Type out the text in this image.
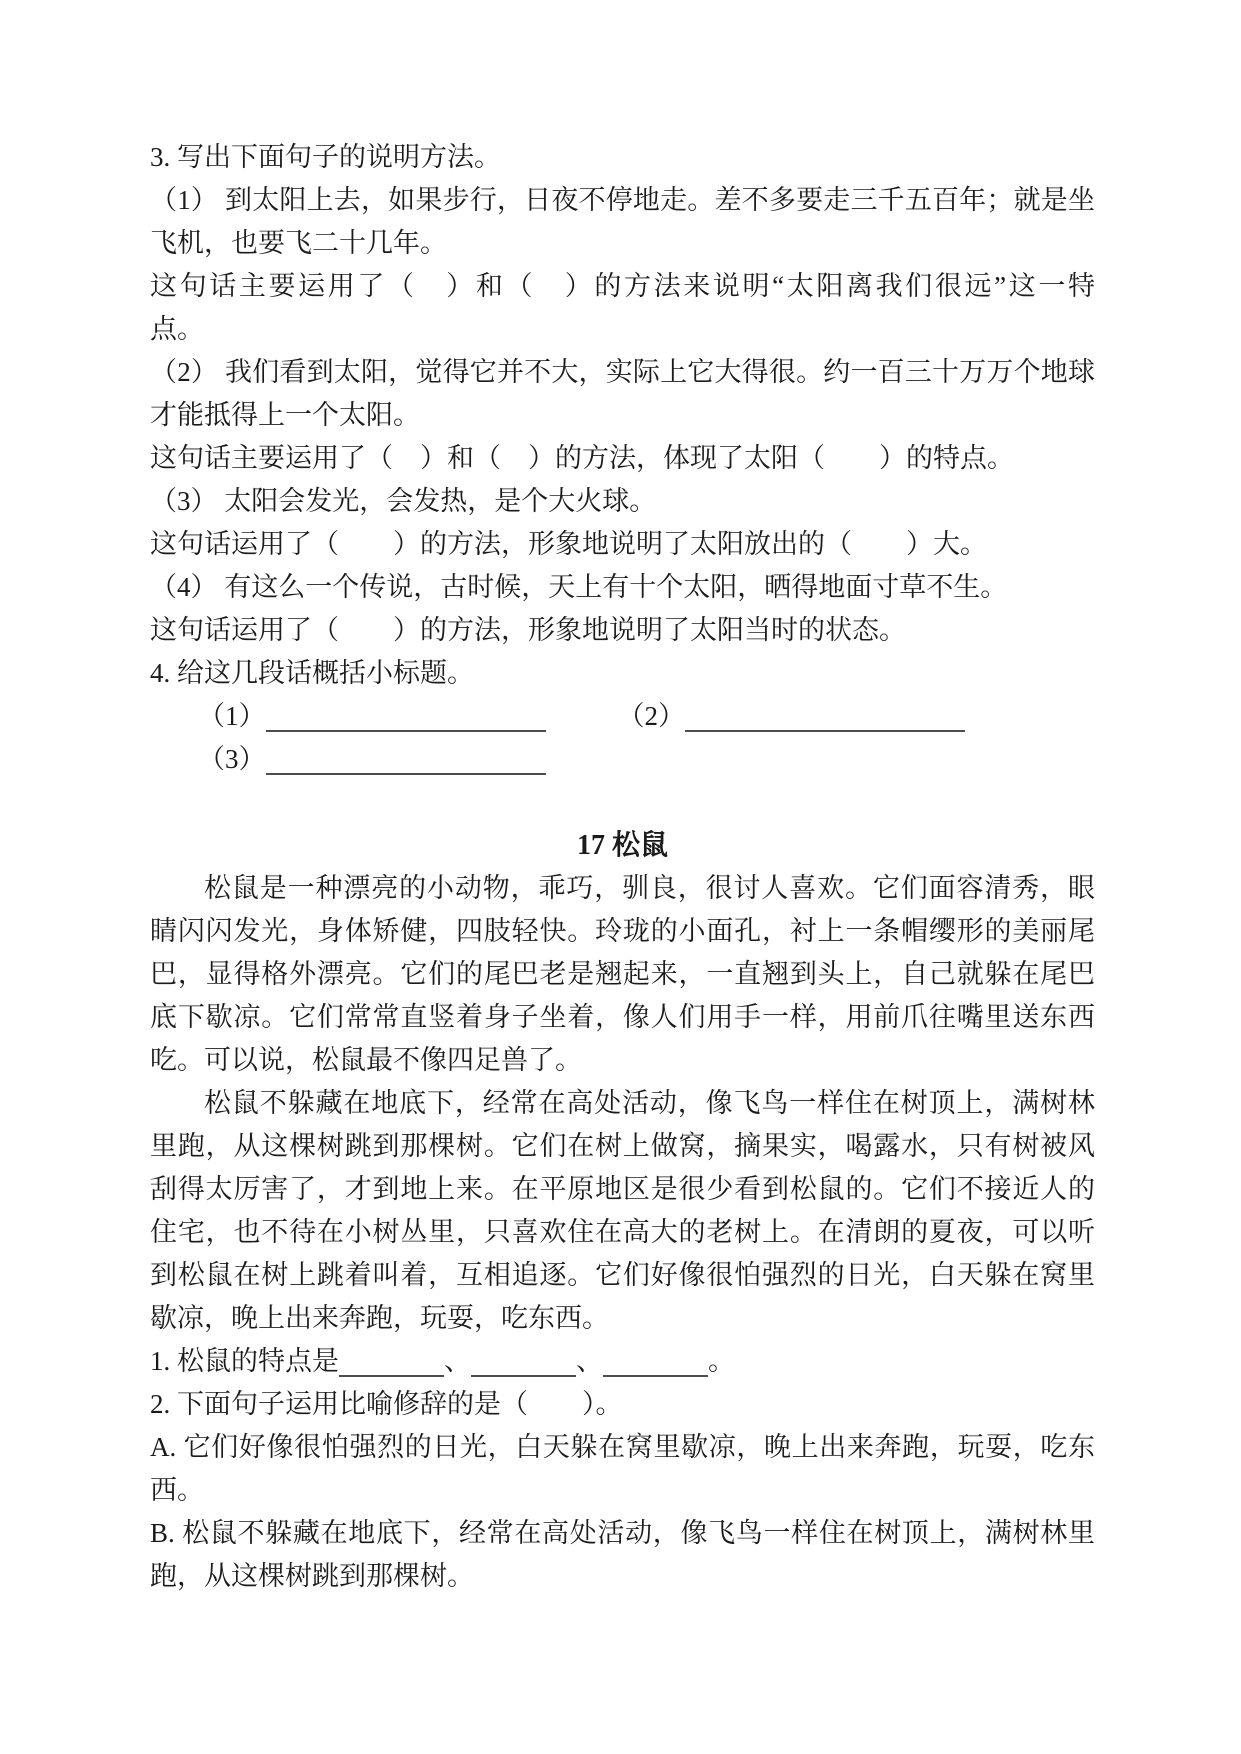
3. 写出下面句子的说明方法。
（1） 到太阳上去，如果步行，日夜不停地走。差不多要走三千五百年；就是坐
飞机，也要飞二十几年。
这句话主要运用了（　）和（　）的方法来说明“太阳离我们很远”这一特
点。
（2） 我们看到太阳，觉得它并不大，实际上它大得很。约一百三十万万个地球
才能抵得上一个太阳。
这句话主要运用了（　）和（　）的方法，体现了太阳（　　）的特点。
（3） 太阳会发光，会发热，是个大火球。
这句话运用了（　　）的方法，形象地说明了太阳放出的（　　）大。
（4） 有这么一个传说，古时候，天上有十个太阳，晒得地面寸草不生。
这句话运用了（　　）的方法，形象地说明了太阳当时的状态。
4. 给这几段话概括小标题。
（1）	（2）
（3）
17 松鼠
松鼠是一种漂亮的小动物，乖巧，驯良，很讨人喜欢。它们面容清秀，眼
睛闪闪发光，身体矫健，四肢轻快。玲珑的小面孔，衬上一条帽缨形的美丽尾
巴，显得格外漂亮。它们的尾巴老是翘起来，一直翘到头上，自己就躲在尾巴
底下歇凉。它们常常直竖着身子坐着，像人们用手一样，用前爪往嘴里送东西
吃。可以说，松鼠最不像四足兽了。
松鼠不躲藏在地底下，经常在高处活动，像飞鸟一样住在树顶上，满树林
里跑，从这棵树跳到那棵树。它们在树上做窝，摘果实，喝露水，只有树被风
刮得太厉害了，才到地上来。在平原地区是很少看到松鼠的。它们不接近人的
住宅，也不待在小树丛里，只喜欢住在高大的老树上。在清朗的夏夜，可以听
到松鼠在树上跳着叫着，互相追逐。它们好像很怕强烈的日光，白天躲在窝里
歇凉，晚上出来奔跑，玩耍，吃东西。
1. 松鼠的特点是	、	、	。
2. 下面句子运用比喻修辞的是（　　）。
A. 它们好像很怕强烈的日光，白天躲在窝里歇凉，晚上出来奔跑，玩耍，吃东
西。
B. 松鼠不躲藏在地底下，经常在高处活动，像飞鸟一样住在树顶上，满树林里
跑，从这棵树跳到那棵树。
